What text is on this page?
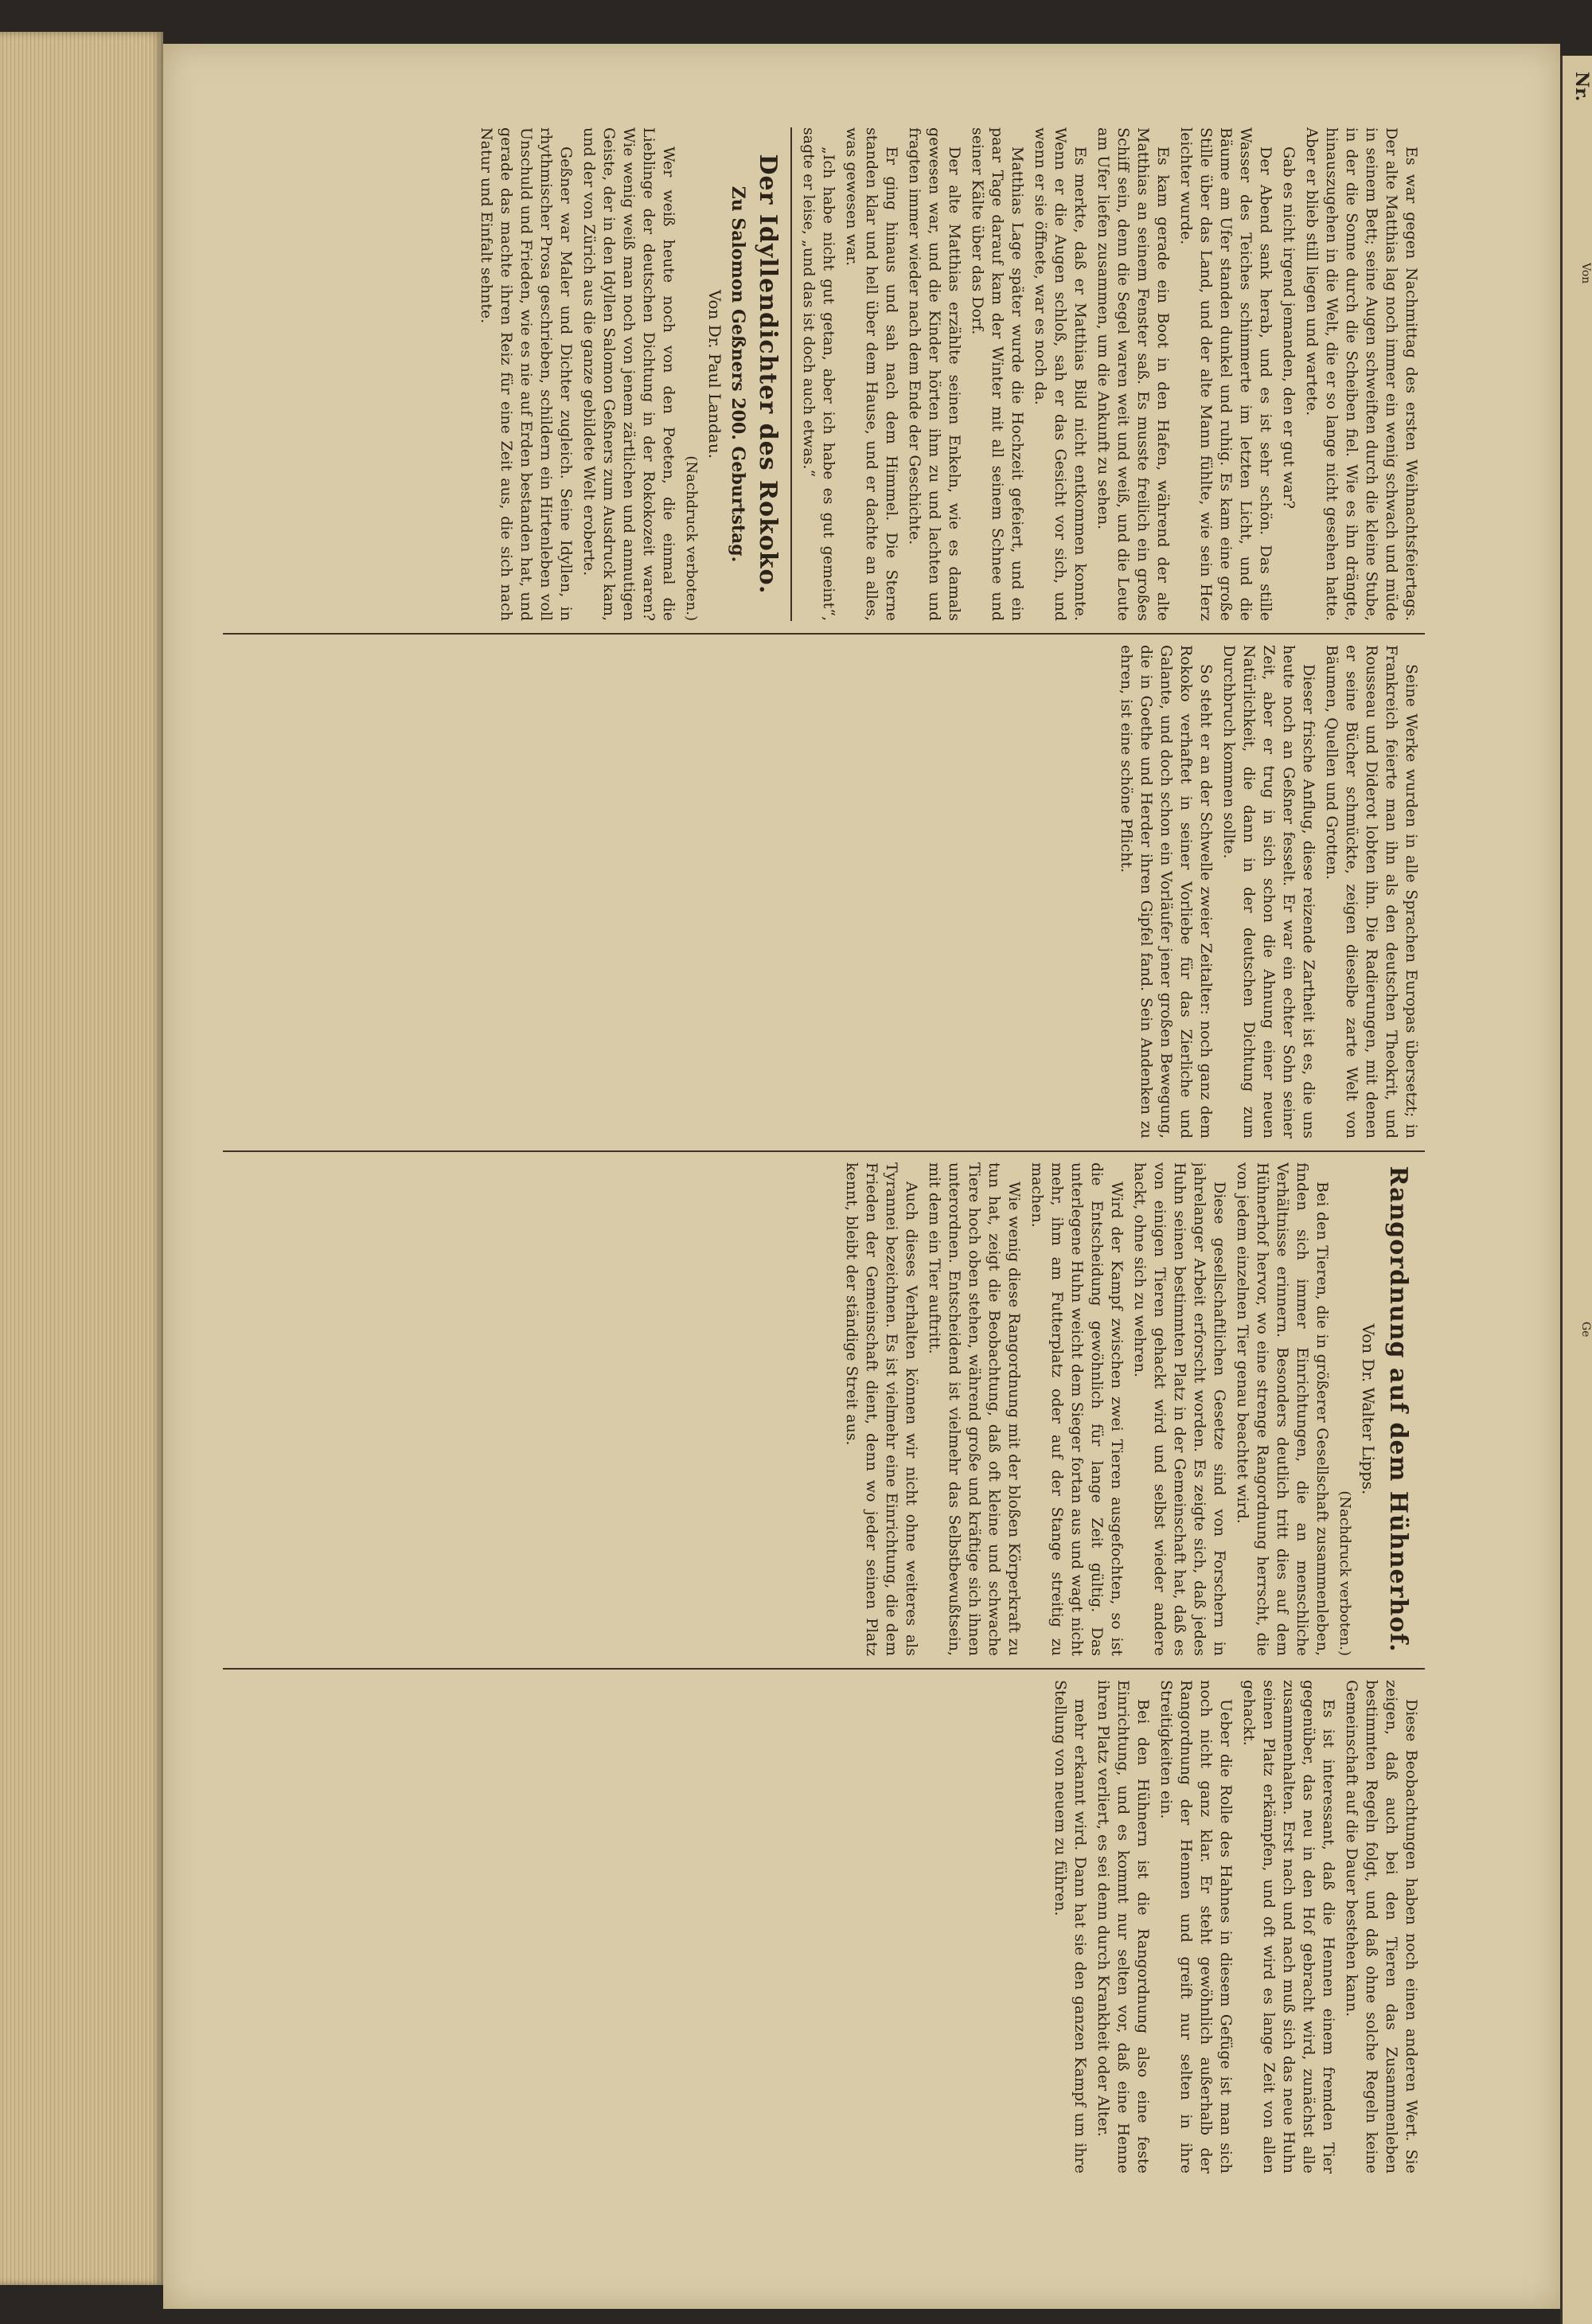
Nr.
Von
Ge

Es war gegen Nachmittag des ersten Weihnachtsfeiertags. Der alte Matthias lag noch immer ein wenig schwach und müde in seinem Bett; seine Augen schweiften durch die kleine Stube, in der die Sonne durch die Scheiben fiel. Wie es ihn drängte, hinauszugehen in die Welt, die er so lange nicht gesehen hatte. Aber er blieb still liegen und wartete.

Gab es nicht irgend jemanden, den er gut war?

Der Abend sank herab, und es ist sehr schön. Das stille Wasser des Teiches schimmerte im letzten Licht, und die Bäume am Ufer standen dunkel und ruhig. Es kam eine große Stille über das Land, und der alte Mann fühlte, wie sein Herz leichter wurde.

Es kam gerade ein Boot in den Hafen, während der alte Matthias an seinem Fenster saß. Es musste freilich ein großes Schiff sein, denn die Segel waren weit und weiß, und die Leute am Ufer liefen zusammen, um die Ankunft zu sehen.

Es merkte, daß er Matthias Bild nicht entkommen konnte. Wenn er die Augen schloß, sah er das Gesicht vor sich, und wenn er sie öffnete, war es noch da.

Matthias Lage später wurde die Hochzeit gefeiert, und ein paar Tage darauf kam der Winter mit all seinem Schnee und seiner Kälte über das Dorf.

Der alte Matthias erzählte seinen Enkeln, wie es damals gewesen war, und die Kinder hörten ihm zu und lachten und fragten immer wieder nach dem Ende der Geschichte.

Er ging hinaus und sah nach dem Himmel. Die Sterne standen klar und hell über dem Hause, und er dachte an alles, was gewesen war.

„Ich habe nicht gut getan, aber ich habe es gut gemeint“, sagte er leise, „und das ist doch auch etwas.“

Der Idyllendichter des Rokoko.

Zu Salomon Geßners 200. Geburtstag.

Von Dr. Paul Landau.

(Nachdruck verboten.)

Wer weiß heute noch von den Poeten, die einmal die Lieblinge der deutschen Dichtung in der Rokokozeit waren? Wie wenig weiß man noch von jenem zärtlichen und anmutigen Geiste, der in den Idyllen Salomon Geßners zum Ausdruck kam, und der von Zürich aus die ganze gebildete Welt eroberte.

Geßner war Maler und Dichter zugleich. Seine Idyllen, in rhythmischer Prosa geschrieben, schildern ein Hirtenleben voll Unschuld und Frieden, wie es nie auf Erden bestanden hat, und gerade das machte ihren Reiz für eine Zeit aus, die sich nach Natur und Einfalt sehnte.

Seine Werke wurden in alle Sprachen Europas übersetzt; in Frankreich feierte man ihn als den deutschen Theokrit, und Rousseau und Diderot lobten ihn. Die Radierungen, mit denen er seine Bücher schmückte, zeigen dieselbe zarte Welt von Bäumen, Quellen und Grotten.

Dieser frische Anflug, diese reizende Zartheit ist es, die uns heute noch an Geßner fesselt. Er war ein echter Sohn seiner Zeit, aber er trug in sich schon die Ahnung einer neuen Natürlichkeit, die dann in der deutschen Dichtung zum Durchbruch kommen sollte.

So steht er an der Schwelle zweier Zeitalter: noch ganz dem Rokoko verhaftet in seiner Vorliebe für das Zierliche und Galante, und doch schon ein Vorläufer jener großen Bewegung, die in Goethe und Herder ihren Gipfel fand. Sein Andenken zu ehren, ist eine schöne Pflicht.

Rangordnung auf dem Hühnerhof.

Von Dr. Walter Lipps.

(Nachdruck verboten.)

Bei den Tieren, die in größerer Gesellschaft zusammenleben, finden sich immer Einrichtungen, die an menschliche Verhältnisse erinnern. Besonders deutlich tritt dies auf dem Hühnerhof hervor, wo eine strenge Rangordnung herrscht, die von jedem einzelnen Tier genau beachtet wird.

Diese gesellschaftlichen Gesetze sind von Forschern in jahrelanger Arbeit erforscht worden. Es zeigte sich, daß jedes Huhn seinen bestimmten Platz in der Gemeinschaft hat, daß es von einigen Tieren gehackt wird und selbst wieder andere hackt, ohne sich zu wehren.

Wird der Kampf zwischen zwei Tieren ausgefochten, so ist die Entscheidung gewöhnlich für lange Zeit gültig. Das unterlegene Huhn weicht dem Sieger fortan aus und wagt nicht mehr, ihm am Futterplatz oder auf der Stange streitig zu machen.

Wie wenig diese Rangordnung mit der bloßen Körperkraft zu tun hat, zeigt die Beobachtung, daß oft kleine und schwache Tiere hoch oben stehen, während große und kräftige sich ihnen unterordnen. Entscheidend ist vielmehr das Selbstbewußtsein, mit dem ein Tier auftritt.

Auch dieses Verhalten können wir nicht ohne weiteres als Tyrannei bezeichnen. Es ist vielmehr eine Einrichtung, die dem Frieden der Gemeinschaft dient, denn wo jeder seinen Platz kennt, bleibt der ständige Streit aus.

Diese Beobachtungen haben noch einen anderen Wert. Sie zeigen, daß auch bei den Tieren das Zusammenleben bestimmten Regeln folgt, und daß ohne solche Regeln keine Gemeinschaft auf die Dauer bestehen kann.

Es ist interessant, daß die Hennen einem fremden Tier gegenüber, das neu in den Hof gebracht wird, zunächst alle zusammenhalten. Erst nach und nach muß sich das neue Huhn seinen Platz erkämpfen, und oft wird es lange Zeit von allen gehackt.

Ueber die Rolle des Hahnes in diesem Gefüge ist man sich noch nicht ganz klar. Er steht gewöhnlich außerhalb der Rangordnung der Hennen und greift nur selten in ihre Streitigkeiten ein.

Bei den Hühnern ist die Rangordnung also eine feste Einrichtung, und es kommt nur selten vor, daß eine Henne ihren Platz verliert, es sei denn durch Krankheit oder Alter.

mehr erkannt wird. Dann hat sie den ganzen Kampf um ihre Stellung von neuem zu führen.
